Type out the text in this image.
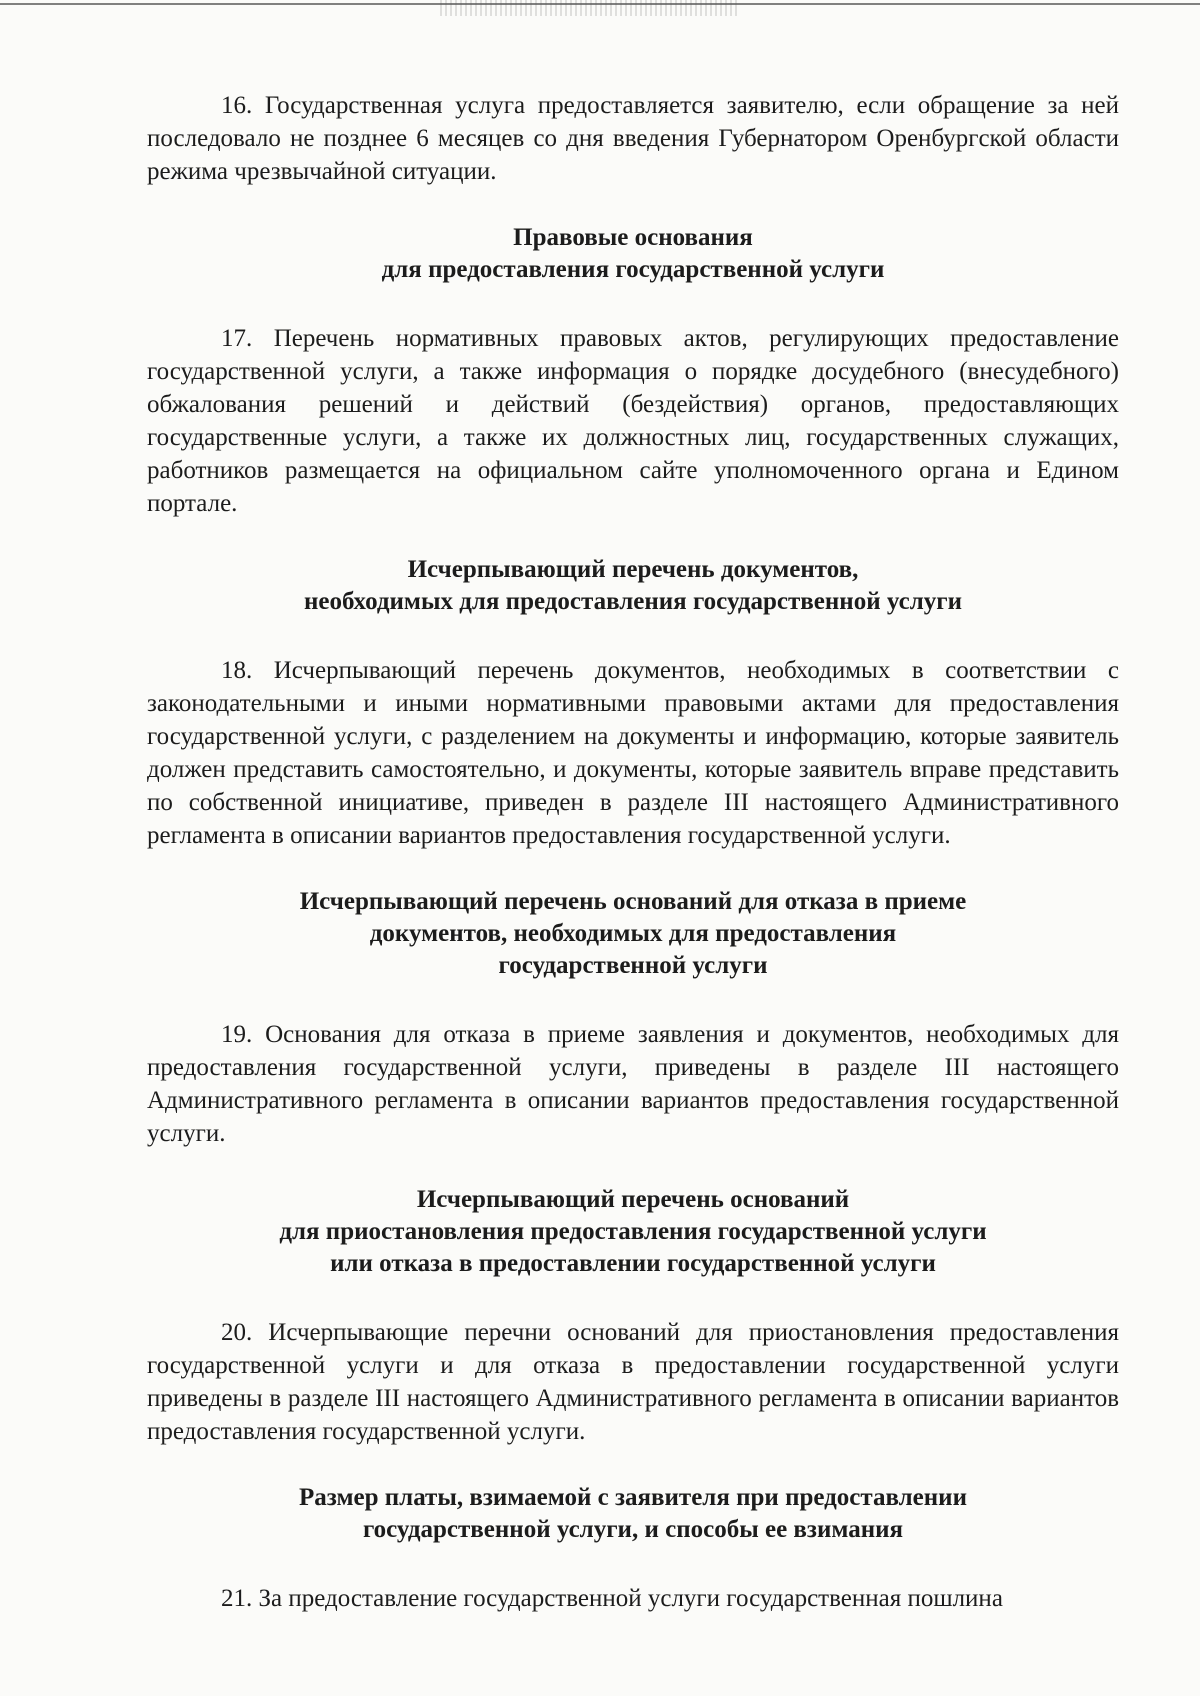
16. Государственная услуга предоставляется заявителю, если обращение за ней последовало не позднее 6 месяцев со дня введения Губернатором Оренбургской области режима чрезвычайной ситуации.

Правовые основания
для предоставления государственной услуги

17. Перечень нормативных правовых актов, регулирующих предоставление государственной услуги, а также информация о порядке досудебного (внесудебного) обжалования решений и действий (бездействия) органов, предоставляющих государственные услуги, а также их должностных лиц, государственных служащих, работников размещается на официальном сайте уполномоченного органа и Едином портале.

Исчерпывающий перечень документов,
необходимых для предоставления государственной услуги

18. Исчерпывающий перечень документов, необходимых в соответствии с законодательными и иными нормативными правовыми актами для предоставления государственной услуги, с разделением на документы и информацию, которые заявитель должен представить самостоятельно, и документы, которые заявитель вправе представить по собственной инициативе, приведен в разделе III настоящего Административного регламента в описании вариантов предоставления государственной услуги.

Исчерпывающий перечень оснований для отказа в приеме
документов, необходимых для предоставления
государственной услуги

19. Основания для отказа в приеме заявления и документов, необходимых для предоставления государственной услуги, приведены в разделе III настоящего Административного регламента в описании вариантов предоставления государственной услуги.

Исчерпывающий перечень оснований
для приостановления предоставления государственной услуги
или отказа в предоставлении государственной услуги

20. Исчерпывающие перечни оснований для приостановления предоставления государственной услуги и для отказа в предоставлении государственной услуги приведены в разделе III настоящего Административного регламента в описании вариантов предоставления государственной услуги.

Размер платы, взимаемой с заявителя при предоставлении
государственной услуги, и способы ее взимания

21. За предоставление государственной услуги государственная пошлина
